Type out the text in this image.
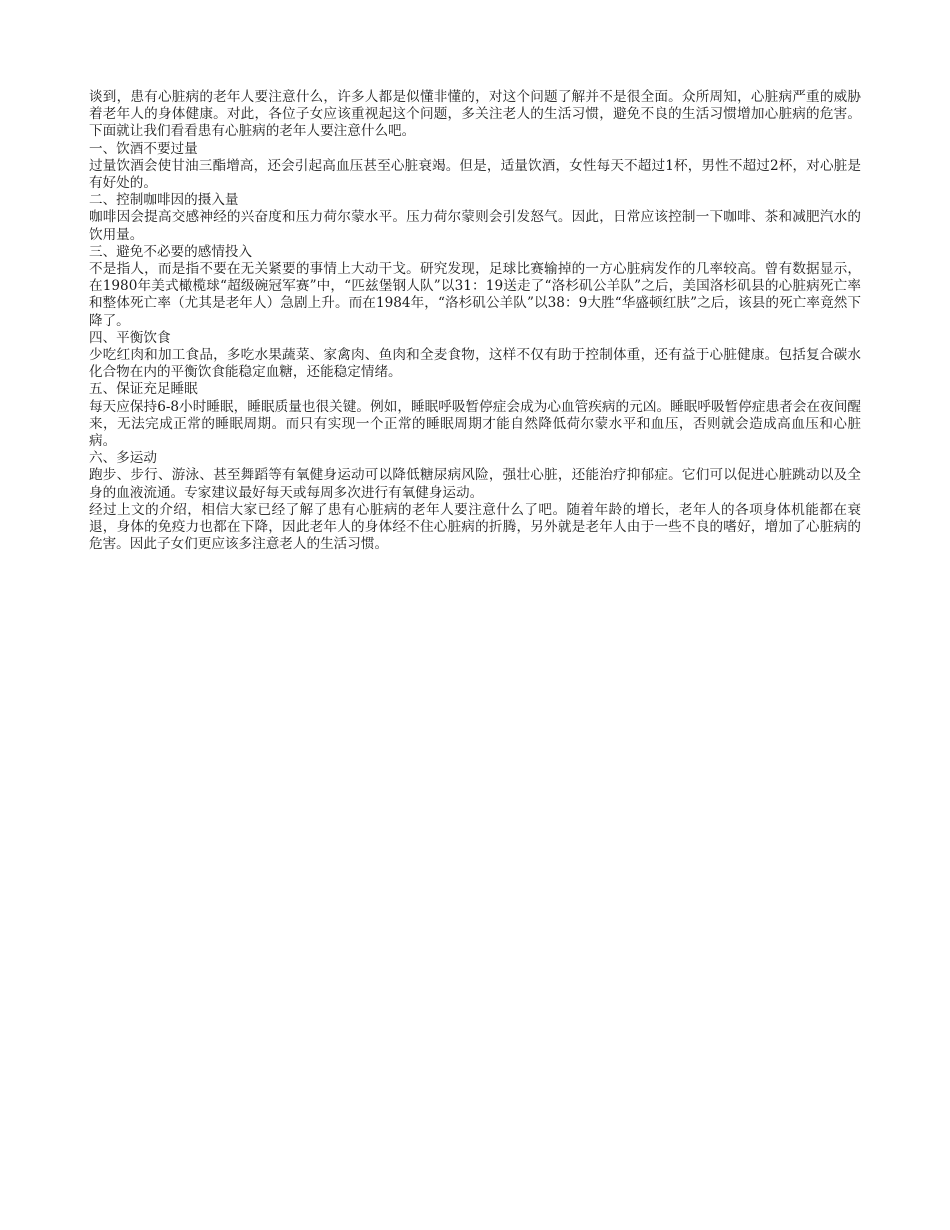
谈到，患有心脏病的老年人要注意什么，许多人都是似懂非懂的，对这个问题了解并不是很全面。众所周知，心脏病严重的威胁着老年人的身体健康。对此，各位子女应该重视起这个问题，多关注老人的生活习惯，避免不良的生活习惯增加心脏病的危害。下面就让我们看看患有心脏病的老年人要注意什么吧。

一、饮酒不要过量

过量饮酒会使甘油三酯增高，还会引起高血压甚至心脏衰竭。但是，适量饮酒，女性每天不超过1杯，男性不超过2杯，对心脏是有好处的。

二、控制咖啡因的摄入量

咖啡因会提高交感神经的兴奋度和压力荷尔蒙水平。压力荷尔蒙则会引发怒气。因此，日常应该控制一下咖啡、茶和减肥汽水的饮用量。

三、避免不必要的感情投入

不是指人，而是指不要在无关紧要的事情上大动干戈。研究发现，足球比赛输掉的一方心脏病发作的几率较高。曾有数据显示，在1980年美式橄榄球“超级碗冠军赛”中，“匹兹堡钢人队”以31：19送走了“洛杉矶公羊队”之后，美国洛杉矶县的心脏病死亡率和整体死亡率（尤其是老年人）急剧上升。而在1984年，“洛杉矶公羊队”以38：9大胜“华盛顿红肤”之后，该县的死亡率竟然下降了。

四、平衡饮食

少吃红肉和加工食品，多吃水果蔬菜、家禽肉、鱼肉和全麦食物，这样不仅有助于控制体重，还有益于心脏健康。包括复合碳水化合物在内的平衡饮食能稳定血糖，还能稳定情绪。

五、保证充足睡眠

每天应保持6-8小时睡眠，睡眠质量也很关键。例如，睡眠呼吸暂停症会成为心血管疾病的元凶。睡眠呼吸暂停症患者会在夜间醒来，无法完成正常的睡眠周期。而只有实现一个正常的睡眠周期才能自然降低荷尔蒙水平和血压，否则就会造成高血压和心脏病。

六、多运动

跑步、步行、游泳、甚至舞蹈等有氧健身运动可以降低糖尿病风险，强壮心脏，还能治疗抑郁症。它们可以促进心脏跳动以及全身的血液流通。专家建议最好每天或每周多次进行有氧健身运动。

经过上文的介绍，相信大家已经了解了患有心脏病的老年人要注意什么了吧。随着年龄的增长，老年人的各项身体机能都在衰退，身体的免疫力也都在下降，因此老年人的身体经不住心脏病的折腾，另外就是老年人由于一些不良的嗜好，增加了心脏病的危害。因此子女们更应该多注意老人的生活习惯。
